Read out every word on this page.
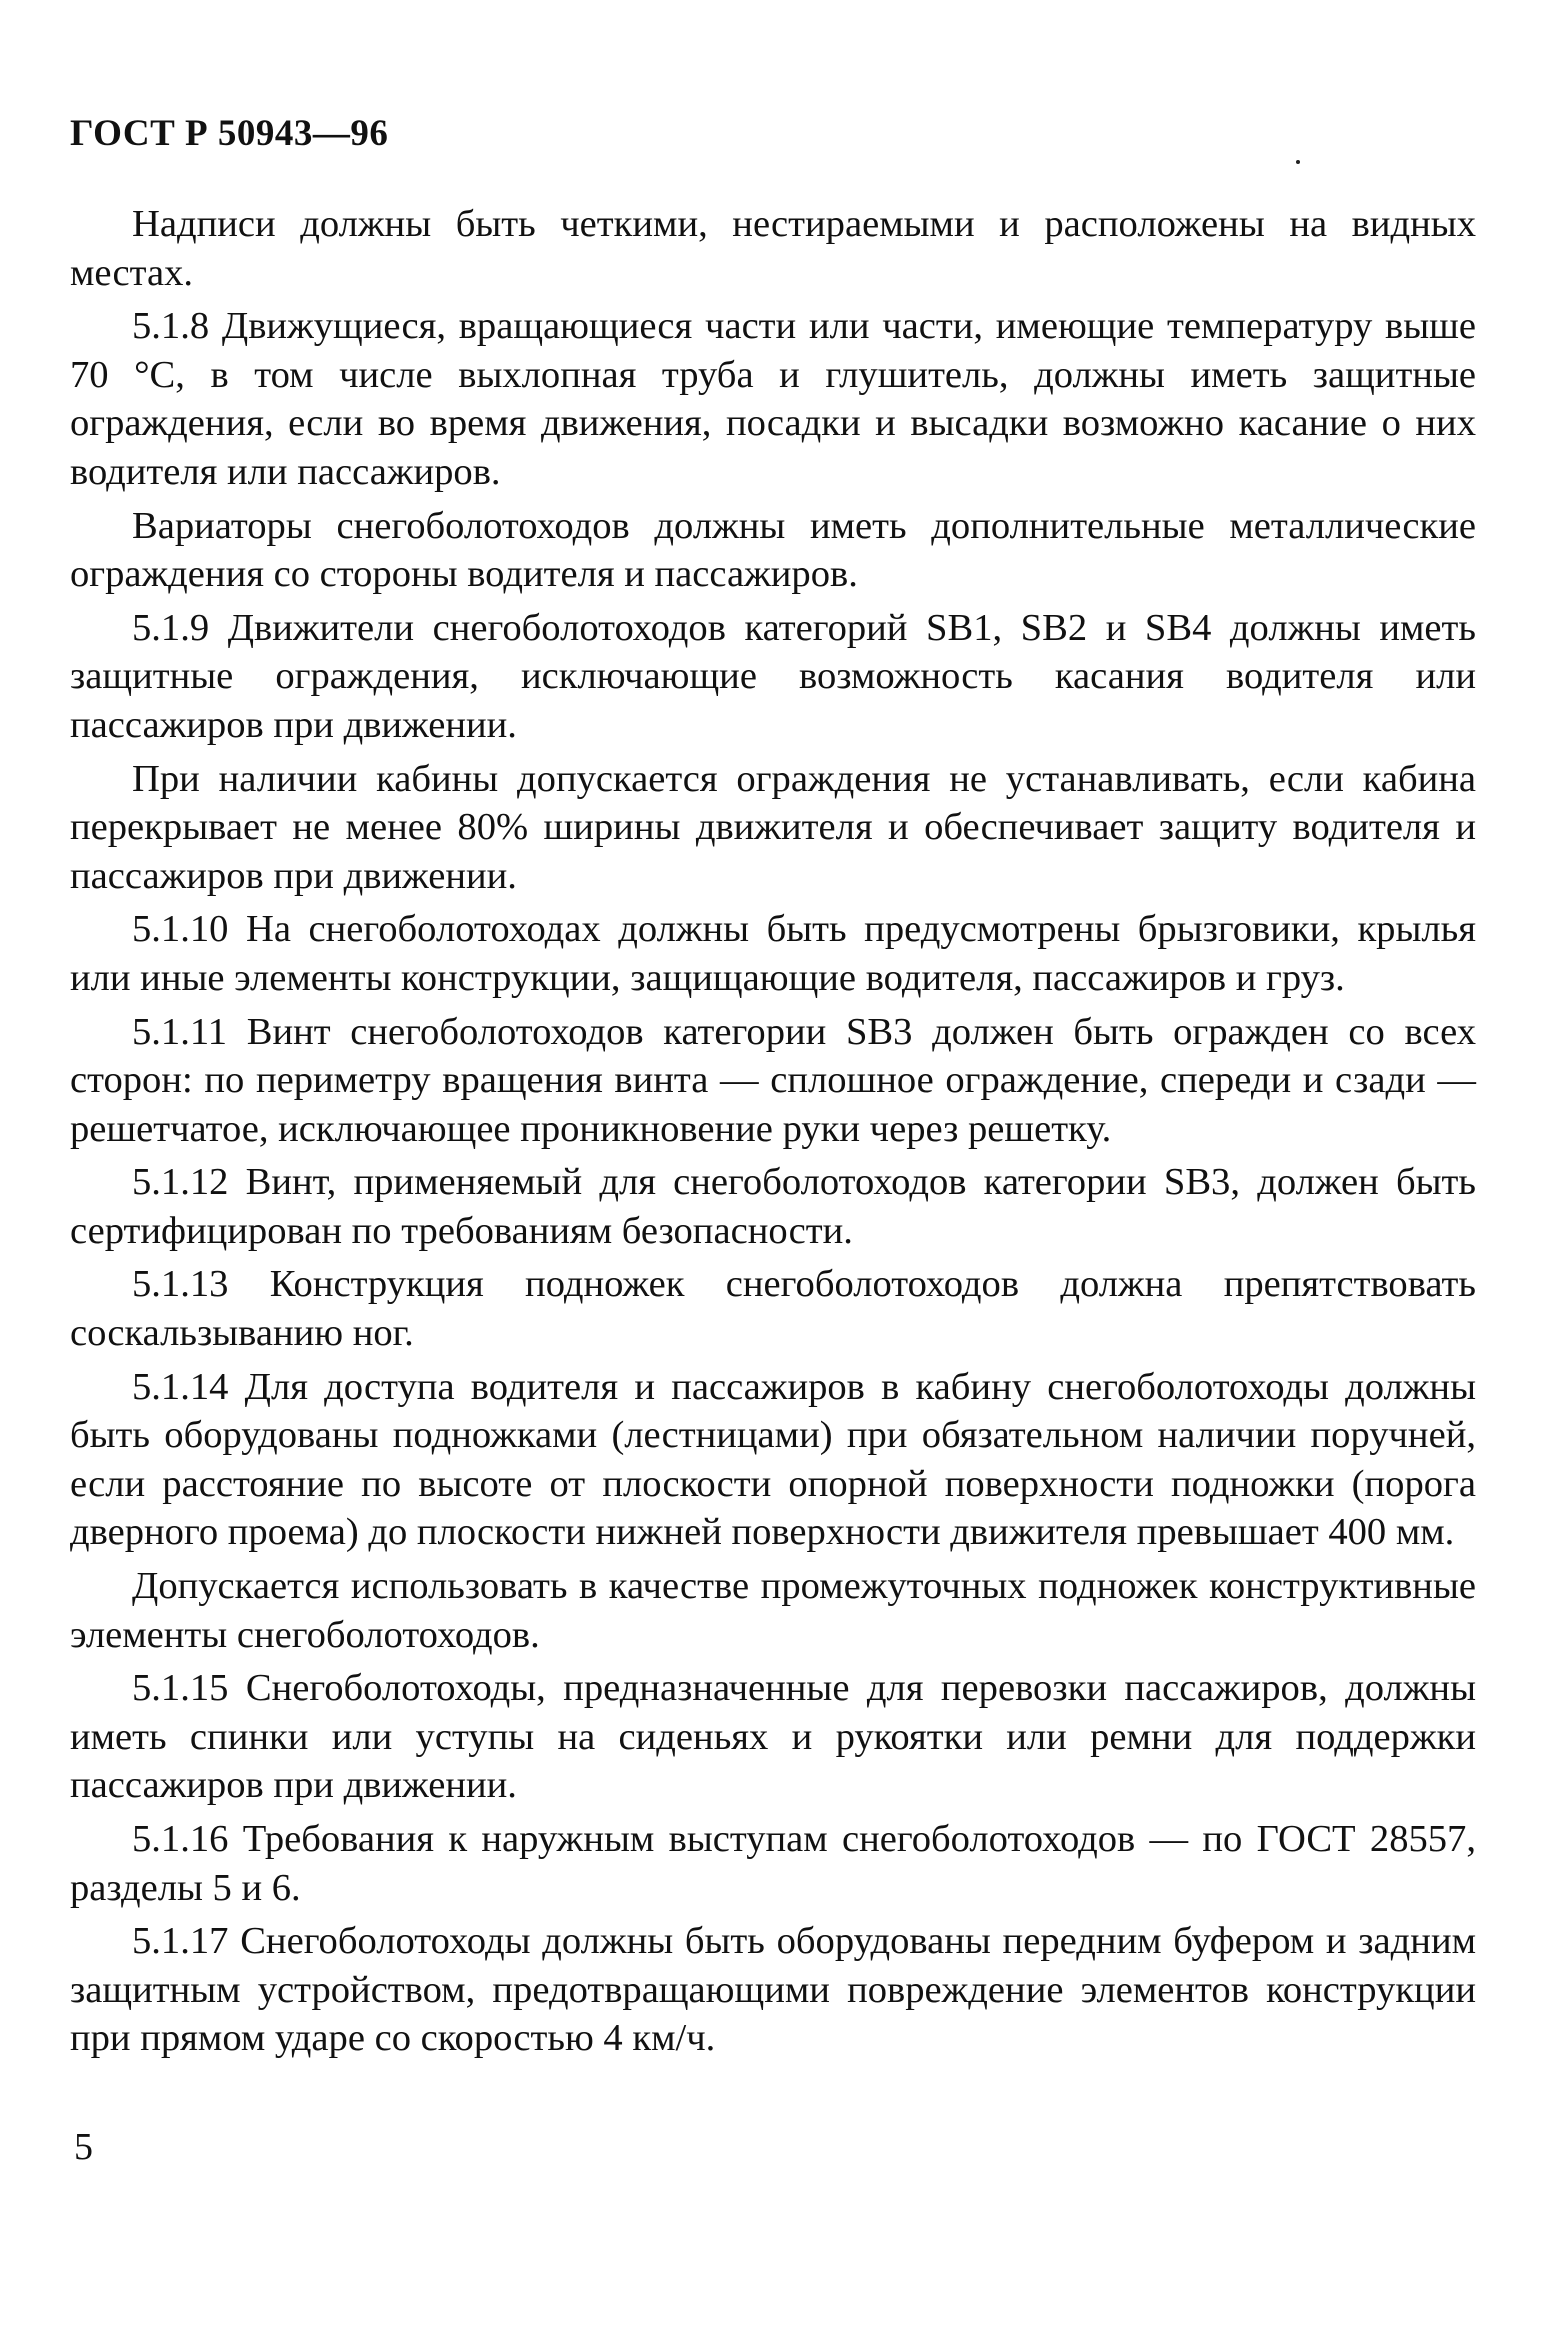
ГОСТ Р 50943—96

Надписи должны быть четкими, нестираемыми и расположены на видных местах.

5.1.8 Движущиеся, вращающиеся части или части, имеющие температуру выше 70 °С, в том числе выхлопная труба и глушитель, должны иметь защитные ограждения, если во время движения, посадки и высадки возможно касание о них водителя или пассажиров.

Вариаторы снегоболотоходов должны иметь дополнительные металлические ограждения со стороны водителя и пассажиров.

5.1.9 Движители снегоболотоходов категорий SB1, SB2 и SB4 должны иметь защитные ограждения, исключающие возможность касания водителя или пассажиров при движении.

При наличии кабины допускается ограждения не устанавливать, если кабина перекрывает не менее 80% ширины движителя и обеспечивает защиту водителя и пассажиров при движении.

5.1.10 На снегоболотоходах должны быть предусмотрены брызговики, крылья или иные элементы конструкции, защищающие водителя, пассажиров и груз.

5.1.11 Винт снегоболотоходов категории SB3 должен быть огражден со всех сторон: по периметру вращения винта — сплошное ограждение, спереди и сзади — решетчатое, исключающее проникновение руки через решетку.

5.1.12 Винт, применяемый для снегоболотоходов категории SB3, должен быть сертифицирован по требованиям безопасности.

5.1.13 Конструкция подножек снегоболотоходов должна препятствовать соскальзыванию ног.

5.1.14 Для доступа водителя и пассажиров в кабину снегоболотоходы должны быть оборудованы подножками (лестницами) при обязательном наличии поручней, если расстояние по высоте от плоскости опорной поверхности подножки (порога дверного проема) до плоскости нижней поверхности движителя превышает 400 мм.

Допускается использовать в качестве промежуточных подножек конструктивные элементы снегоболотоходов.

5.1.15 Снегоболотоходы, предназначенные для перевозки пассажиров, должны иметь спинки или уступы на сиденьях и рукоятки или ремни для поддержки пассажиров при движении.

5.1.16 Требования к наружным выступам снегоболотоходов — по ГОСТ 28557, разделы 5 и 6.

5.1.17 Снегоболотоходы должны быть оборудованы передним буфером и задним защитным устройством, предотвращающими повреждение элементов конструкции при прямом ударе со скоростью 4 км/ч.

5
